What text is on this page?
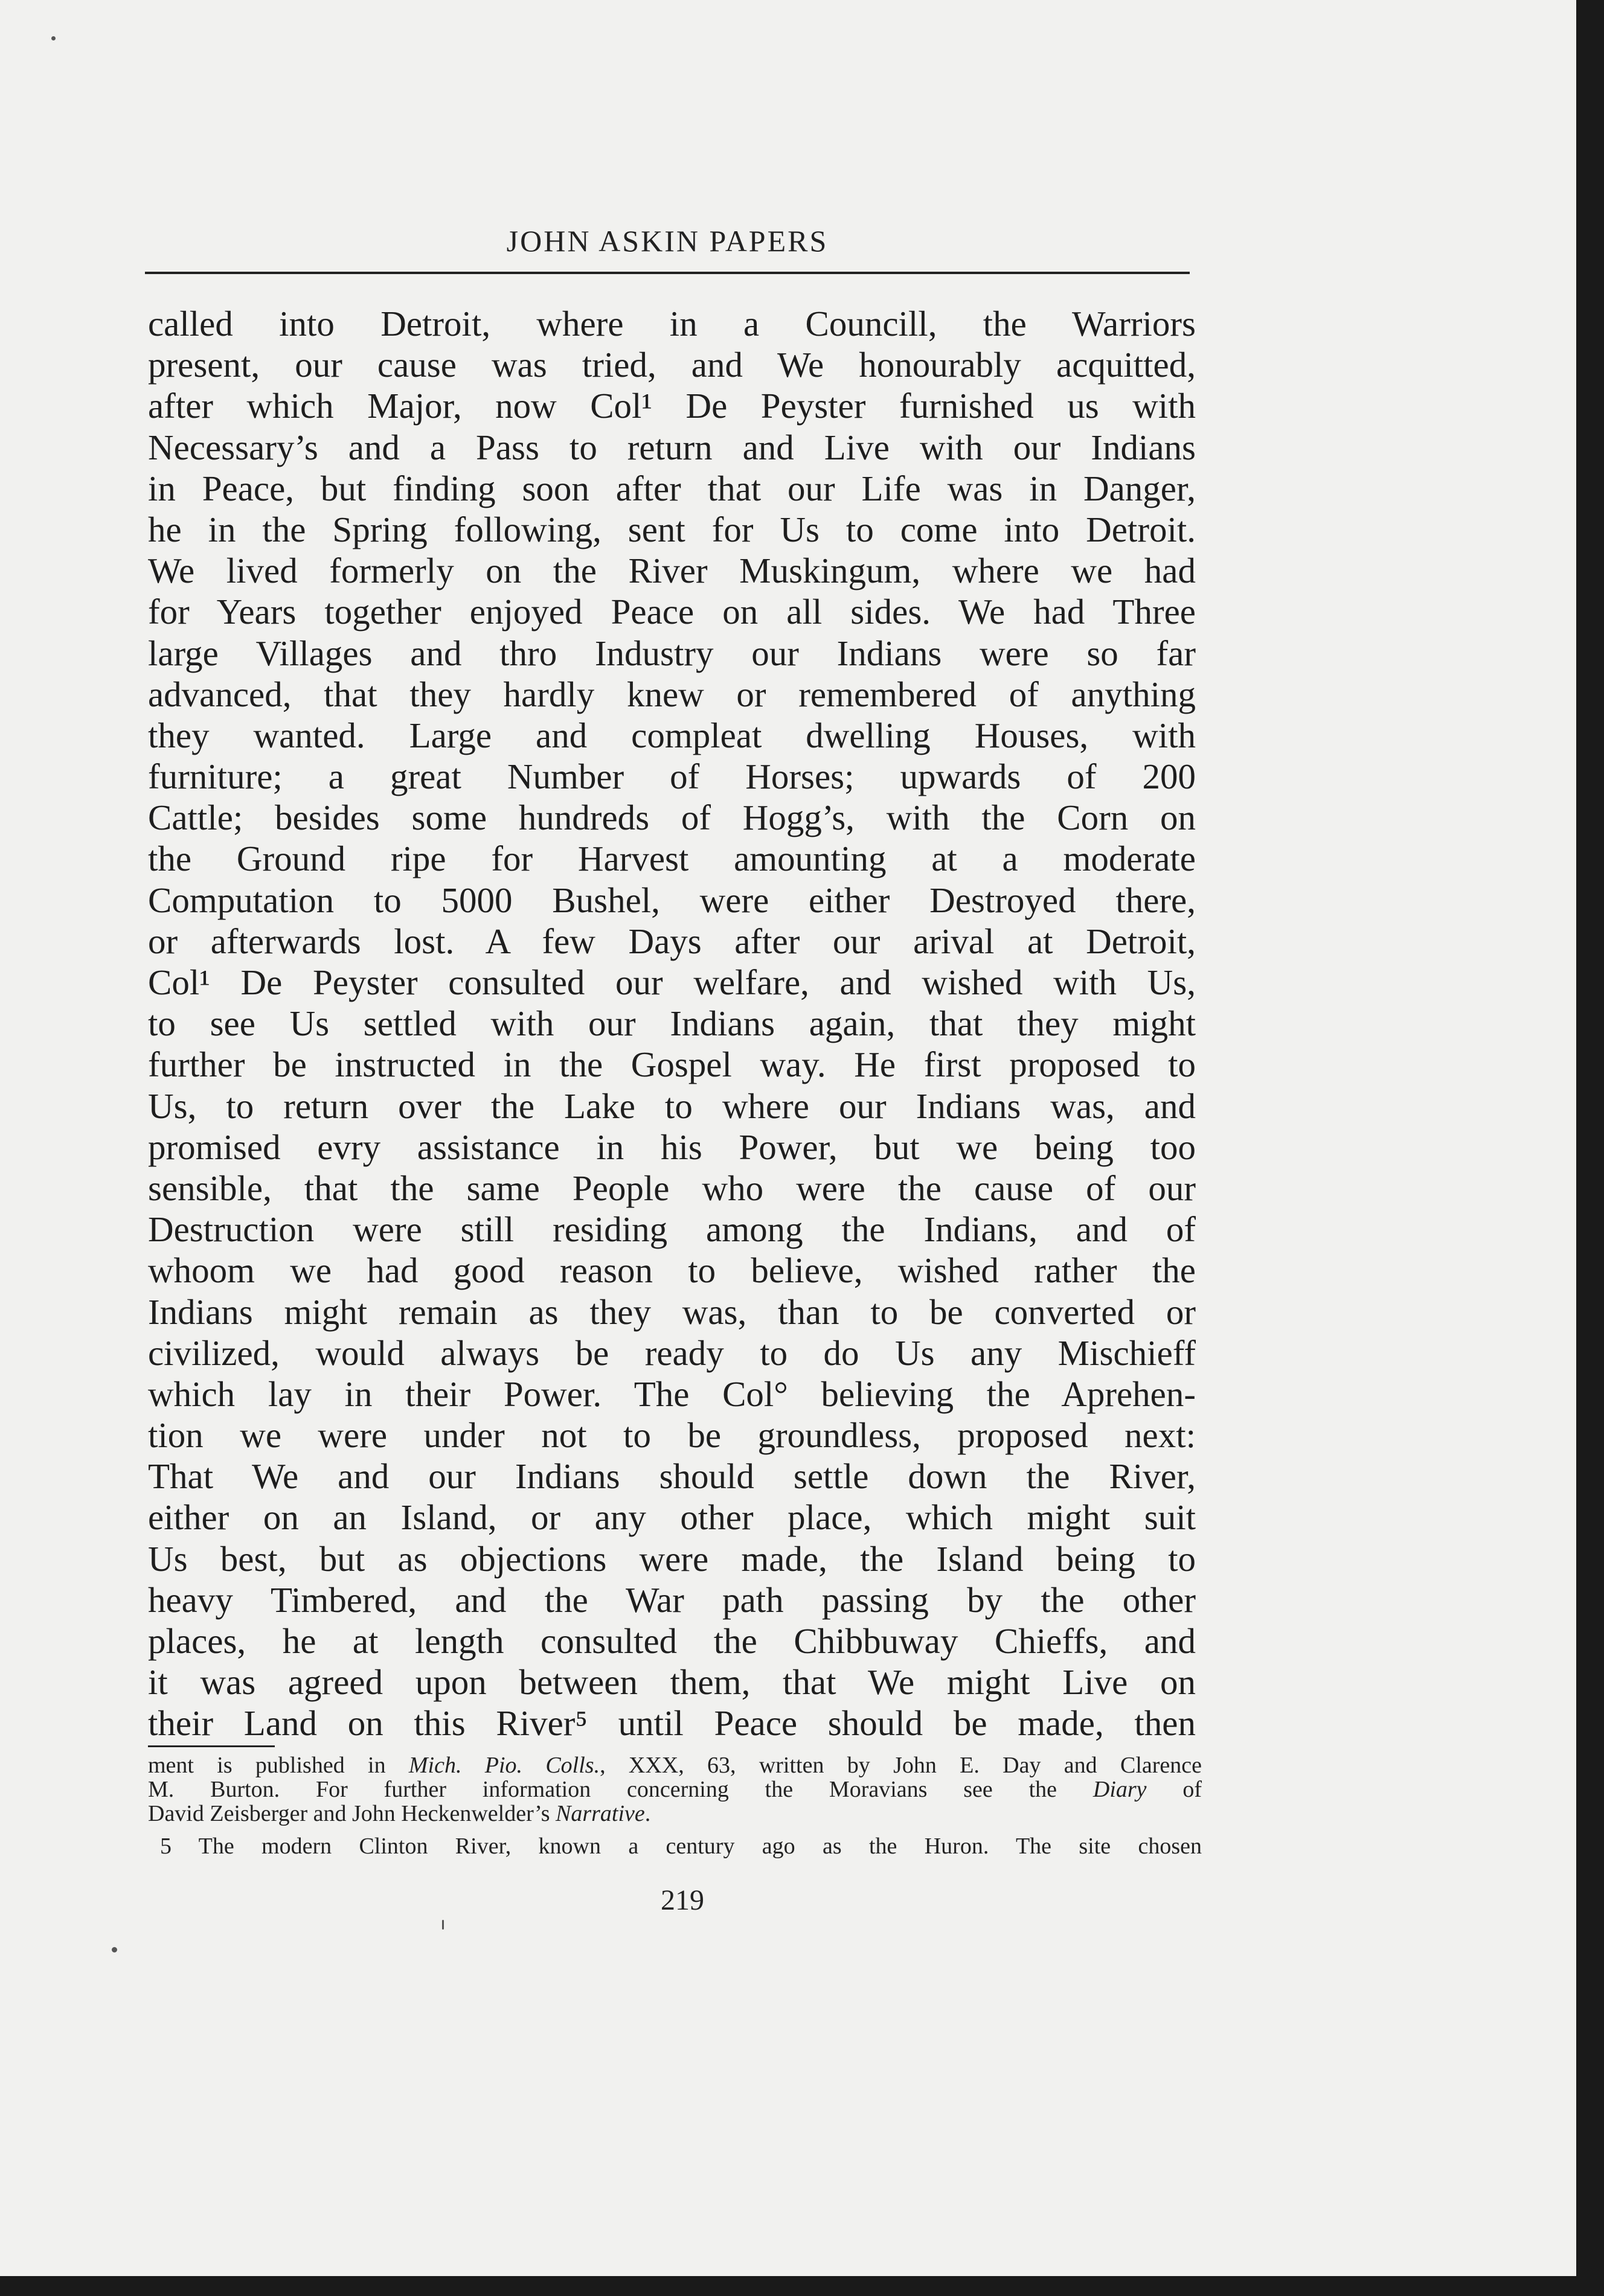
JOHN ASKIN PAPERS
called into Detroit, where in a Councill, the Warriors
present, our cause was tried, and We honourably acquitted,
after which Major, now Col¹ De Peyster furnished us with
Necessary’s and a Pass to return and Live with our Indians
in Peace, but finding soon after that our Life was in Danger,
he in the Spring following, sent for Us to come into Detroit.
We lived formerly on the River Muskingum, where we had
for Years together enjoyed Peace on all sides. We had Three
large Villages and thro Industry our Indians were so far
advanced, that they hardly knew or remembered of anything
they wanted. Large and compleat dwelling Houses, with
furniture; a great Number of Horses; upwards of 200
Cattle; besides some hundreds of Hogg’s, with the Corn on
the Ground ripe for Harvest amounting at a moderate
Computation to 5000 Bushel, were either Destroyed there,
or afterwards lost. A few Days after our arival at Detroit,
Col¹ De Peyster consulted our welfare, and wished with Us,
to see Us settled with our Indians again, that they might
further be instructed in the Gospel way. He first proposed to
Us, to return over the Lake to where our Indians was, and
promised evry assistance in his Power, but we being too
sensible, that the same People who were the cause of our
Destruction were still residing among the Indians, and of
whoom we had good reason to believe, wished rather the
Indians might remain as they was, than to be converted or
civilized, would always be ready to do Us any Mischieff
which lay in their Power. The Col° believing the Aprehen-
tion we were under not to be groundless, proposed next:
That We and our Indians should settle down the River,
either on an Island, or any other place, which might suit
Us best, but as objections were made, the Island being to
heavy Timbered, and the War path passing by the other
places, he at length consulted the Chibbuway Chieffs, and
it was agreed upon between them, that We might Live on
their Land on this River⁵ until Peace should be made, then
ment is published in Mich. Pio. Colls., XXX, 63, written by John E. Day and Clarence
M. Burton. For further information concerning the Moravians see the Diary of
David Zeisberger and John Heckenwelder’s Narrative.
5 The modern Clinton River, known a century ago as the Huron. The site chosen
219
